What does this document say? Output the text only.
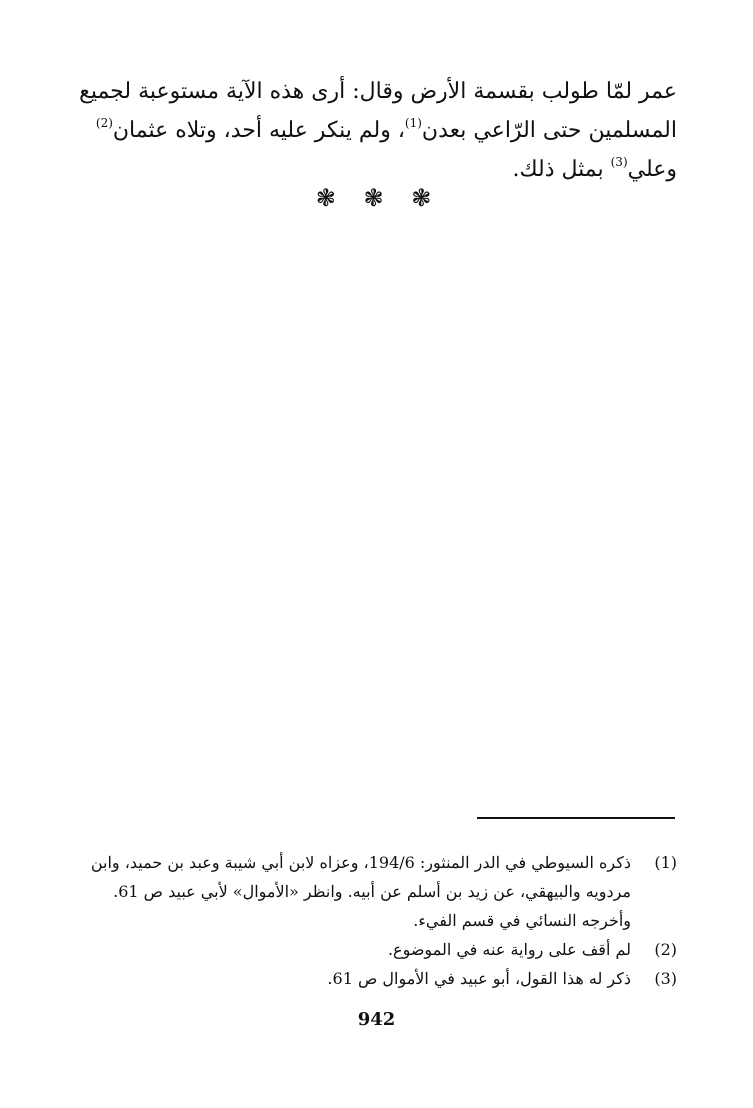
عمر لمّا طولب بقسمة الأرض وقال: أرى هذه الآية مستوعبة لجميع
المسلمين حتى الرّاعي بعدن$^{(1)}$، ولم ينكر عليه أحد، وتلاه عثمان$^{(2)}$
وعلي$^{(3)}$ بمثل ذلك.
❃ ❃ ❃
(1)
ذكره السيوطي في الدر المنثور: 194/6، وعزاه لابن أبي شيبة وعبد بن حميد، وابن
مردويه والبيهقي، عن زيد بن أسلم عن أبيه. وانظر «الأموال» لأبي عبيد ص 61.
وأخرجه النسائي في قسم الفيء.
(2)
لم أقف على رواية عنه في الموضوع.
(3)
ذكر له هذا القول، أبو عبيد في الأموال ص 61.
942
